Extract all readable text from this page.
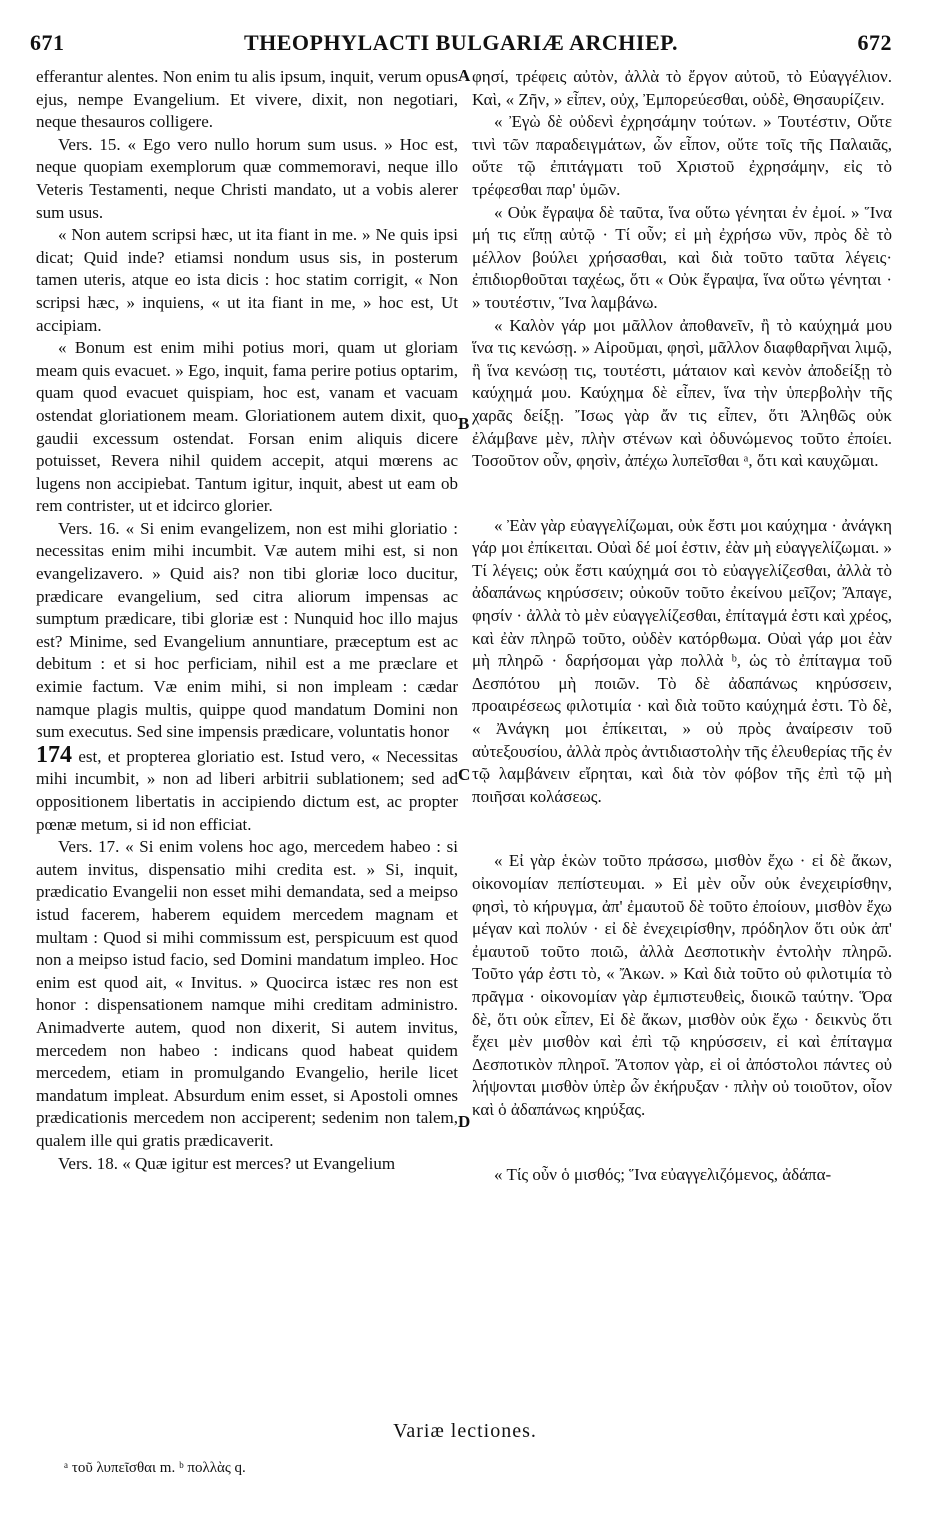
671	THEOPHYLACTI BULGARIÆ ARCHIEP.	672

efferantur alentes. Non enim tu alis ipsum, inquit, verum opus ejus, nempe Evangelium. Et vivere, dixit, non negotiari, neque thesauros colligere.

Vers. 15. « Ego vero nullo horum sum usus. » Hoc est, neque quopiam exemplorum quæ commemoravi, neque illo Veteris Testamenti, neque Christi mandato, ut a vobis alerer sum usus.

« Non autem scripsi hæc, ut ita fiant in me. » Ne quis ipsi dicat; Quid inde? etiamsi nondum usus sis, in posterum tamen uteris, atque eo ista dicis : hoc statim corrigit, « Non scripsi hæc, » inquiens, « ut ita fiant in me, » hoc est, Ut accipiam.

« Bonum est enim mihi potius mori, quam ut gloriam meam quis evacuet. » Ego, inquit, fama perire potius optarim, quam quod evacuet quispiam, hoc est, vanam et vacuam ostendat gloriationem meam. Gloriationem autem dixit, quo gaudii excessum ostendat. Forsan enim aliquis dicere potuisset, Revera nihil quidem accepit, atqui mœrens ac lugens non accipiebat. Tantum igitur, inquit, abest ut eam ob rem contrister, ut et idcirco glorier.

Vers. 16. « Si enim evangelizem, non est mihi gloriatio : necessitas enim mihi incumbit. Væ autem mihi est, si non evangelizavero. » Quid ais? non tibi gloriæ loco ducitur, prædicare evangelium, sed citra aliorum impensas ac sumptum prædicare, tibi gloriæ est : Nunquid hoc illo majus est? Minime, sed Evangelium annuntiare, præceptum est ac debitum : et si hoc perficiam, nihil est a me præclare et eximie factum. Væ enim mihi, si non impleam : cædar namque plagis multis, quippe quod mandatum Domini non sum executus. Sed sine impensis prædicare, voluntatis honor

174 est, et propterea gloriatio est. Istud vero, « Necessitas mihi incumbit, » non ad liberi arbitrii sublationem; sed ad oppositionem libertatis in accipiendo dictum est, ac propter pœnæ metum, si id non efficiat.

Vers. 17. « Si enim volens hoc ago, mercedem habeo : si autem invitus, dispensatio mihi credita est. » Si, inquit, prædicatio Evangelii non esset mihi demandata, sed a meipso istud facerem, haberem equidem mercedem magnam et multam : Quod si mihi commissum est, perspicuum est quod non a meipso istud facio, sed Domini mandatum impleo. Hoc enim est quod ait, « Invitus. » Quocirca istæc res non est honor : dispensationem namque mihi creditam administro. Animadverte autem, quod non dixerit, Si autem invitus, mercedem non habeo : indicans quod habeat quidem mercedem, etiam in promulgando Evangelio, herile licet mandatum impleat. Absurdum enim esset, si Apostoli omnes prædicationis mercedem non acciperent; sedenim non talem, qualem ille qui gratis prædicaverit.

Vers. 18. « Quæ igitur est merces? ut Evangelium

A
B
C
D

φησί, τρέφεις αὐτὸν, ἀλλὰ τὸ ἔργον αὐτοῦ, τὸ Εὐαγγέλιον. Καὶ, « Ζῆν, » εἶπεν, οὐχ, Ἐμπορεύεσθαι, οὐδὲ, Θησαυρίζειν.

« Ἐγὼ δὲ οὐδενὶ ἐχρησάμην τούτων. » Τουτέστιν, Οὔτε τινὶ τῶν παραδειγμάτων, ὧν εἶπον, οὔτε τοῖς τῆς Παλαιᾶς, οὔτε τῷ ἐπιτάγματι τοῦ Χριστοῦ ἐχρησάμην, εἰς τὸ τρέφεσθαι παρ' ὑμῶν.

« Οὐκ ἔγραψα δὲ ταῦτα, ἵνα οὕτω γένηται ἐν ἐμοί. » Ἵνα μή τις εἴπῃ αὐτῷ · Τί οὖν; εἰ μὴ ἐχρήσω νῦν, πρὸς δὲ τὸ μέλλον βούλει χρήσασθαι, καὶ διὰ τοῦτο ταῦτα λέγεις· ἐπιδιορθοῦται ταχέως, ὅτι « Οὐκ ἔγραψα, ἵνα οὕτω γένηται · » τουτέστιν, Ἵνα λαμβάνω.

« Καλὸν γάρ μοι μᾶλλον ἀποθανεῖν, ἢ τὸ καύχημά μου ἵνα τις κενώσῃ. » Αἱροῦμαι, φησὶ, μᾶλλον διαφθαρῆναι λιμῷ, ἢ ἵνα κενώσῃ τις, τουτέστι, μάταιον καὶ κενὸν ἀποδείξῃ τὸ καύχημά μου. Καύχημα δὲ εἶπεν, ἵνα τὴν ὑπερβολὴν τῆς χαρᾶς δείξῃ. Ἴσως γὰρ ἄν τις εἶπεν, ὅτι Ἀληθῶς οὐκ ἐλάμβανε μὲν, πλὴν στένων καὶ ὀδυνώμενος τοῦτο ἐποίει. Τοσοῦτον οὖν, φησὶν, ἀπέχω λυπεῖσθαι ᵃ, ὅτι καὶ καυχῶμαι.

« Ἐὰν γὰρ εὐαγγελίζωμαι, οὐκ ἔστι μοι καύχημα · ἀνάγκη γάρ μοι ἐπίκειται. Οὐαὶ δέ μοί ἐστιν, ἐὰν μὴ εὐαγγελίζωμαι. » Τί λέγεις; οὐκ ἔστι καύχημά σοι τὸ εὐαγγελίζεσθαι, ἀλλὰ τὸ ἀδαπάνως κηρύσσειν; οὐκοῦν τοῦτο ἐκείνου μεῖζον; Ἄπαγε, φησίν · ἀλλὰ τὸ μὲν εὐαγγελίζεσθαι, ἐπίταγμά ἐστι καὶ χρέος, καὶ ἐὰν πληρῶ τοῦτο, οὐδὲν κατόρθωμα. Οὐαὶ γάρ μοι ἐὰν μὴ πληρῶ · δαρήσομαι γὰρ πολλὰ ᵇ, ὡς τὸ ἐπίταγμα τοῦ Δεσπότου μὴ ποιῶν. Τὸ δὲ ἀδαπάνως κηρύσσειν, προαιρέσεως φιλοτιμία · καὶ διὰ τοῦτο καύχημά ἐστι. Τὸ δὲ, « Ἀνάγκη μοι ἐπίκειται, » οὐ πρὸς ἀναίρεσιν τοῦ αὐτεξουσίου, ἀλλὰ πρὸς ἀντιδιαστολὴν τῆς ἐλευθερίας τῆς ἐν τῷ λαμβάνειν εἴρηται, καὶ διὰ τὸν φόβον τῆς ἐπὶ τῷ μὴ ποιῆσαι κολάσεως.

« Εἰ γὰρ ἑκὼν τοῦτο πράσσω, μισθὸν ἔχω · εἰ δὲ ἄκων, οἰκονομίαν πεπίστευμαι. » Εἰ μὲν οὖν οὐκ ἐνεχειρίσθην, φησὶ, τὸ κήρυγμα, ἀπ' ἐμαυτοῦ δὲ τοῦτο ἐποίουν, μισθὸν ἔχω μέγαν καὶ πολύν · εἰ δὲ ἐνεχειρίσθην, πρόδηλον ὅτι οὐκ ἀπ' ἐμαυτοῦ τοῦτο ποιῶ, ἀλλὰ Δεσποτικὴν ἐντολὴν πληρῶ. Τοῦτο γάρ ἐστι τὸ, « Ἄκων. » Καὶ διὰ τοῦτο οὐ φιλοτιμία τὸ πρᾶγμα · οἰκονομίαν γὰρ ἐμπιστευθεὶς, διοικῶ ταύτην. Ὅρα δὲ, ὅτι οὐκ εἶπεν, Εἰ δὲ ἄκων, μισθὸν οὐκ ἔχω · δεικνὺς ὅτι ἔχει μὲν μισθὸν καὶ ἐπὶ τῷ κηρύσσειν, εἰ καὶ ἐπίταγμα Δεσποτικὸν πληροῖ. Ἄτοπον γὰρ, εἰ οἱ ἀπόστολοι πάντες οὐ λήψονται μισθὸν ὑπὲρ ὧν ἐκήρυξαν · πλὴν οὐ τοιοῦτον, οἷον καὶ ὁ ἀδαπάνως κηρύξας.

« Τίς οὖν ὁ μισθός; Ἵνα εὐαγγελιζόμενος, ἀδάπα-

Variæ lectiones.
ᵃ τοῦ λυπεῖσθαι m. ᵇ πολλὰς q.
